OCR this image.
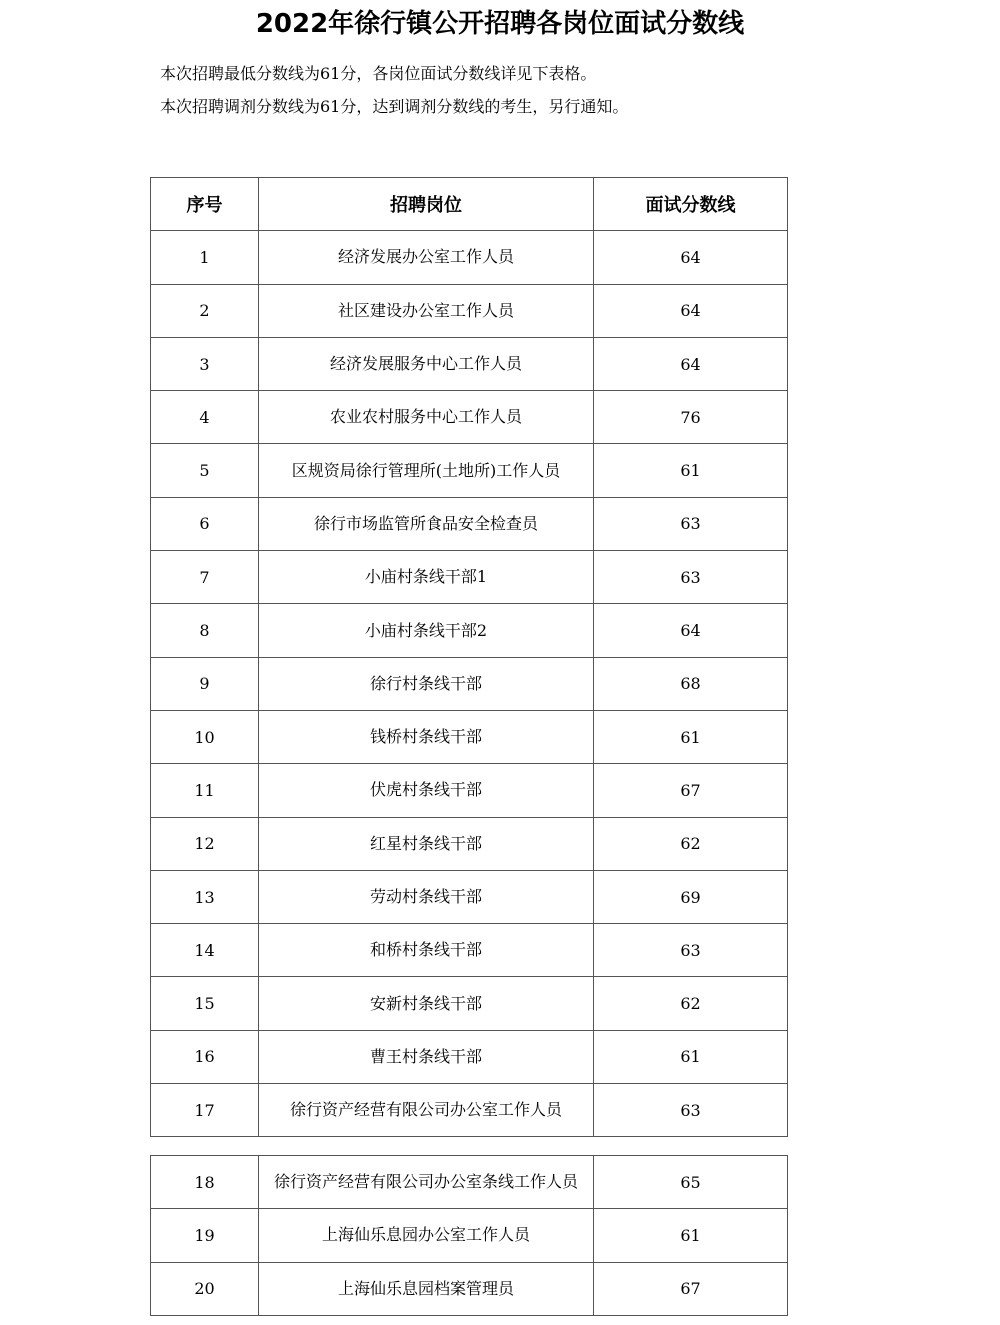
2022年徐行镇公开招聘各岗位面试分数线

本次招聘最低分数线为61分，各岗位面试分数线详见下表格。

本次招聘调剂分数线为61分，达到调剂分数线的考生，另行通知。

序号	招聘岗位	面试分数线
1	经济发展办公室工作人员	64
2	社区建设办公室工作人员	64
3	经济发展服务中心工作人员	64
4	农业农村服务中心工作人员	76
5	区规资局徐行管理所(土地所)工作人员	61
6	徐行市场监管所食品安全检查员	63
7	小庙村条线干部1	63
8	小庙村条线干部2	64
9	徐行村条线干部	68
10	钱桥村条线干部	61
11	伏虎村条线干部	67
12	红星村条线干部	62
13	劳动村条线干部	69
14	和桥村条线干部	63
15	安新村条线干部	62
16	曹王村条线干部	61
17	徐行资产经营有限公司办公室工作人员	63
18	徐行资产经营有限公司办公室条线工作人员	65
19	上海仙乐息园办公室工作人员	61
20	上海仙乐息园档案管理员	67
